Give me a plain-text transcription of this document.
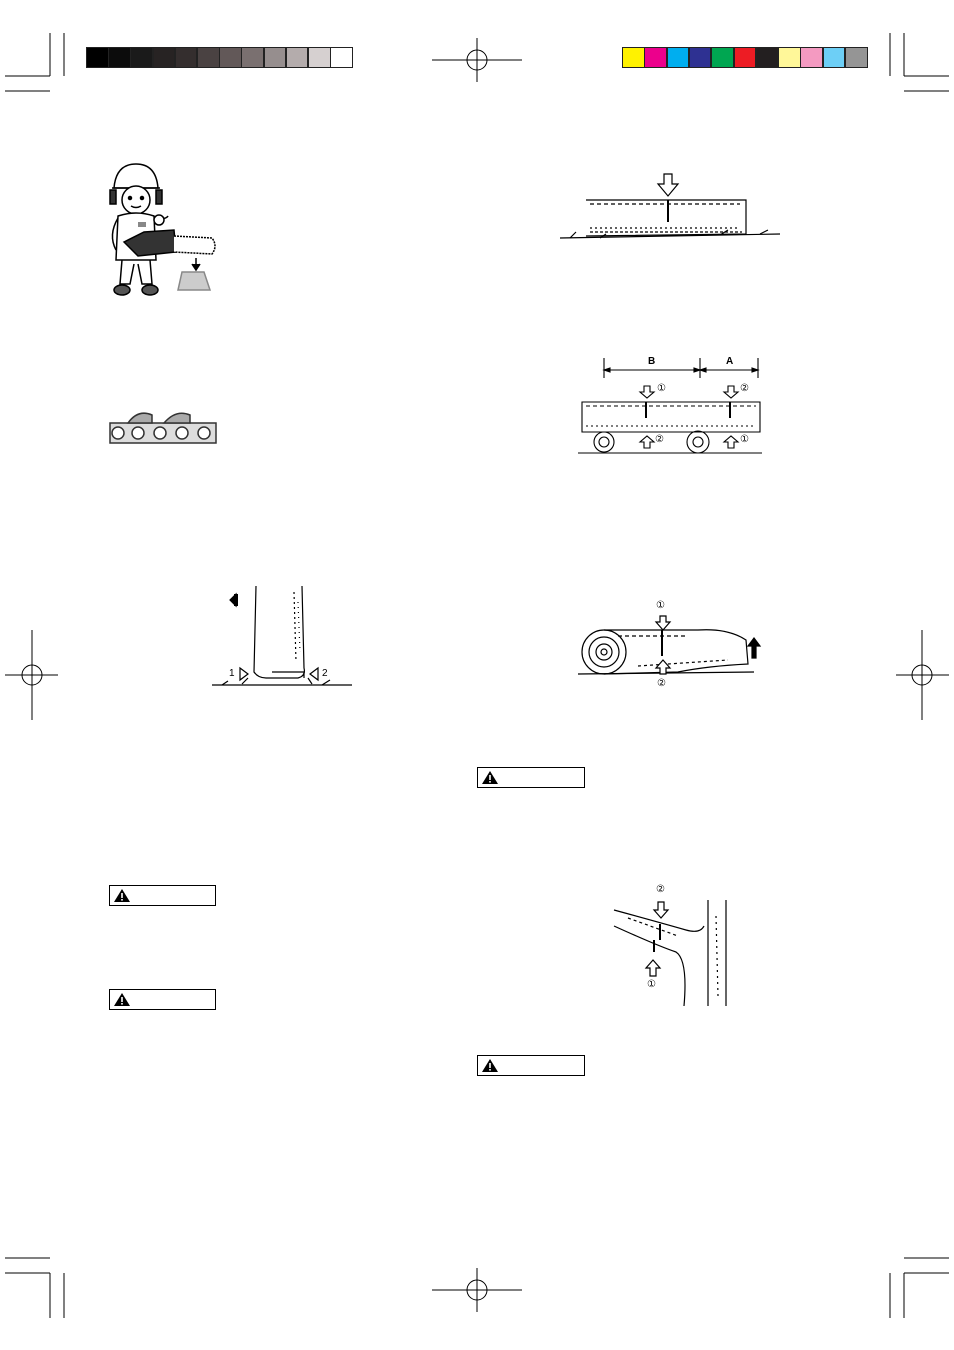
1	2
B	A
①	②
②	①
①
②
②
①
